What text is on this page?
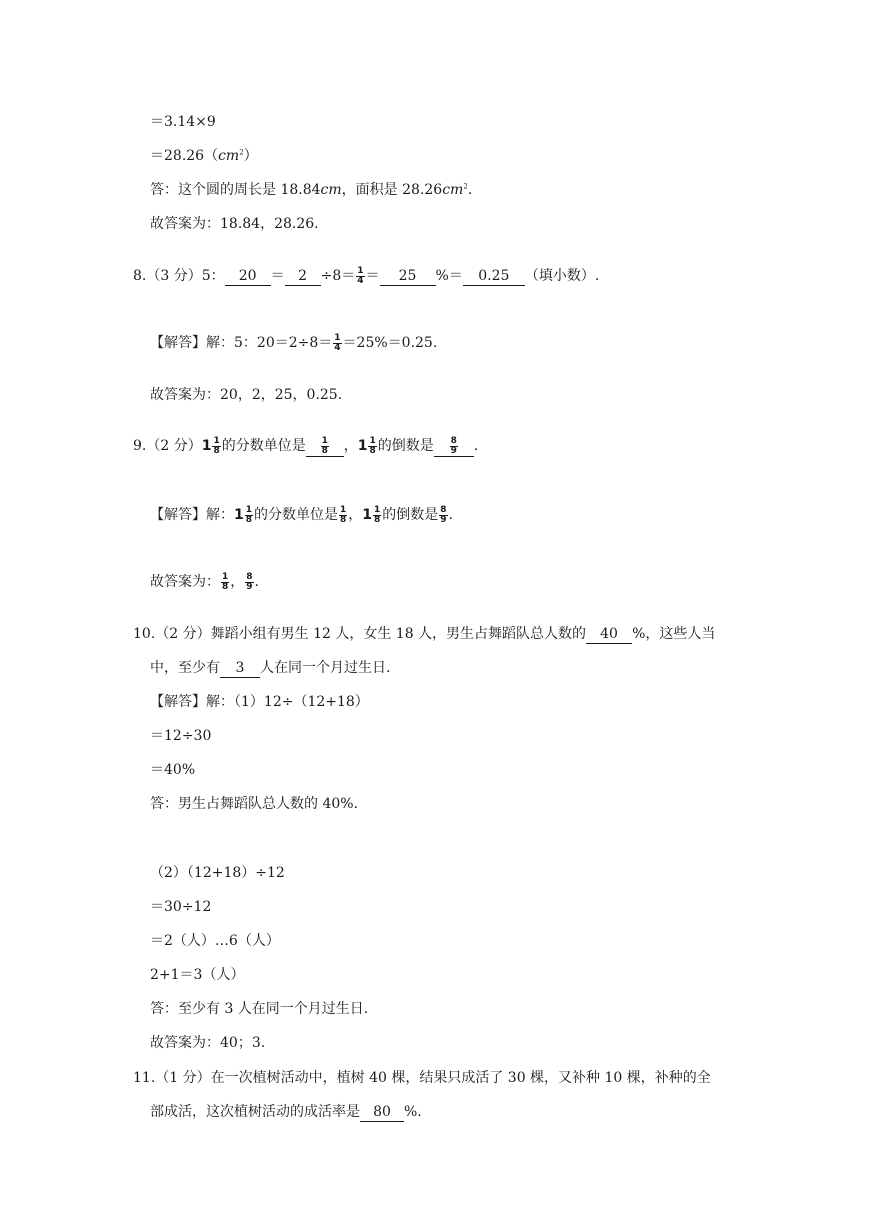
＝3.14×9
$=28.26(cm^2)$
答：这个圆的周长是 18.84cm，面积是 $28.26cm^2$.
故答案为：18.84，28.26.
8.（3 分）5： $20 = 2 \div 8= \frac{1}{4} = 25$ %＝ 0.25 （填小数）.
【解答】解：5：$20=2\div 8= \frac{1}{4} =25\%=0.25$.
故答案为：20，2，25，0.25.
9.（2 分） $1 \frac{1}{8}$ 的分数单位是 $\frac{1}{8}$ ， $1 \frac{1}{8}$ 的倒数是 $\frac{8}{9}$ .
【解答】解： $1 \frac{1}{8}$ 的分数单位是 $\frac{1}{8}$ ， $1 \frac{1}{8}$ 的倒数是 $\frac{8}{9}$ .
故答案为： $\frac{1}{8}$ ， $\frac{8}{9}$ .
10.（2 分）舞蹈小组有男生 12 人，女生 18 人，男生占舞蹈队总人数的 40 %，这些人当
中，至少有 3 人在同一个月过生日.
【解答】解：（1）12÷（12+18）
＝12÷30
＝40%
答：男生占舞蹈队总人数的 40%.
（2）（12+18）÷12
＝30÷12
＝2（人）…6（人）
2+1＝3（人）
答：至少有 3 人在同一个月过生日.
故答案为：40；3.
11.（1 分）在一次植树活动中，植树 40 棵，结果只成活了 30 棵，又补种 10 棵，补种的全
部成活，这次植树活动的成活率是 80 %.
